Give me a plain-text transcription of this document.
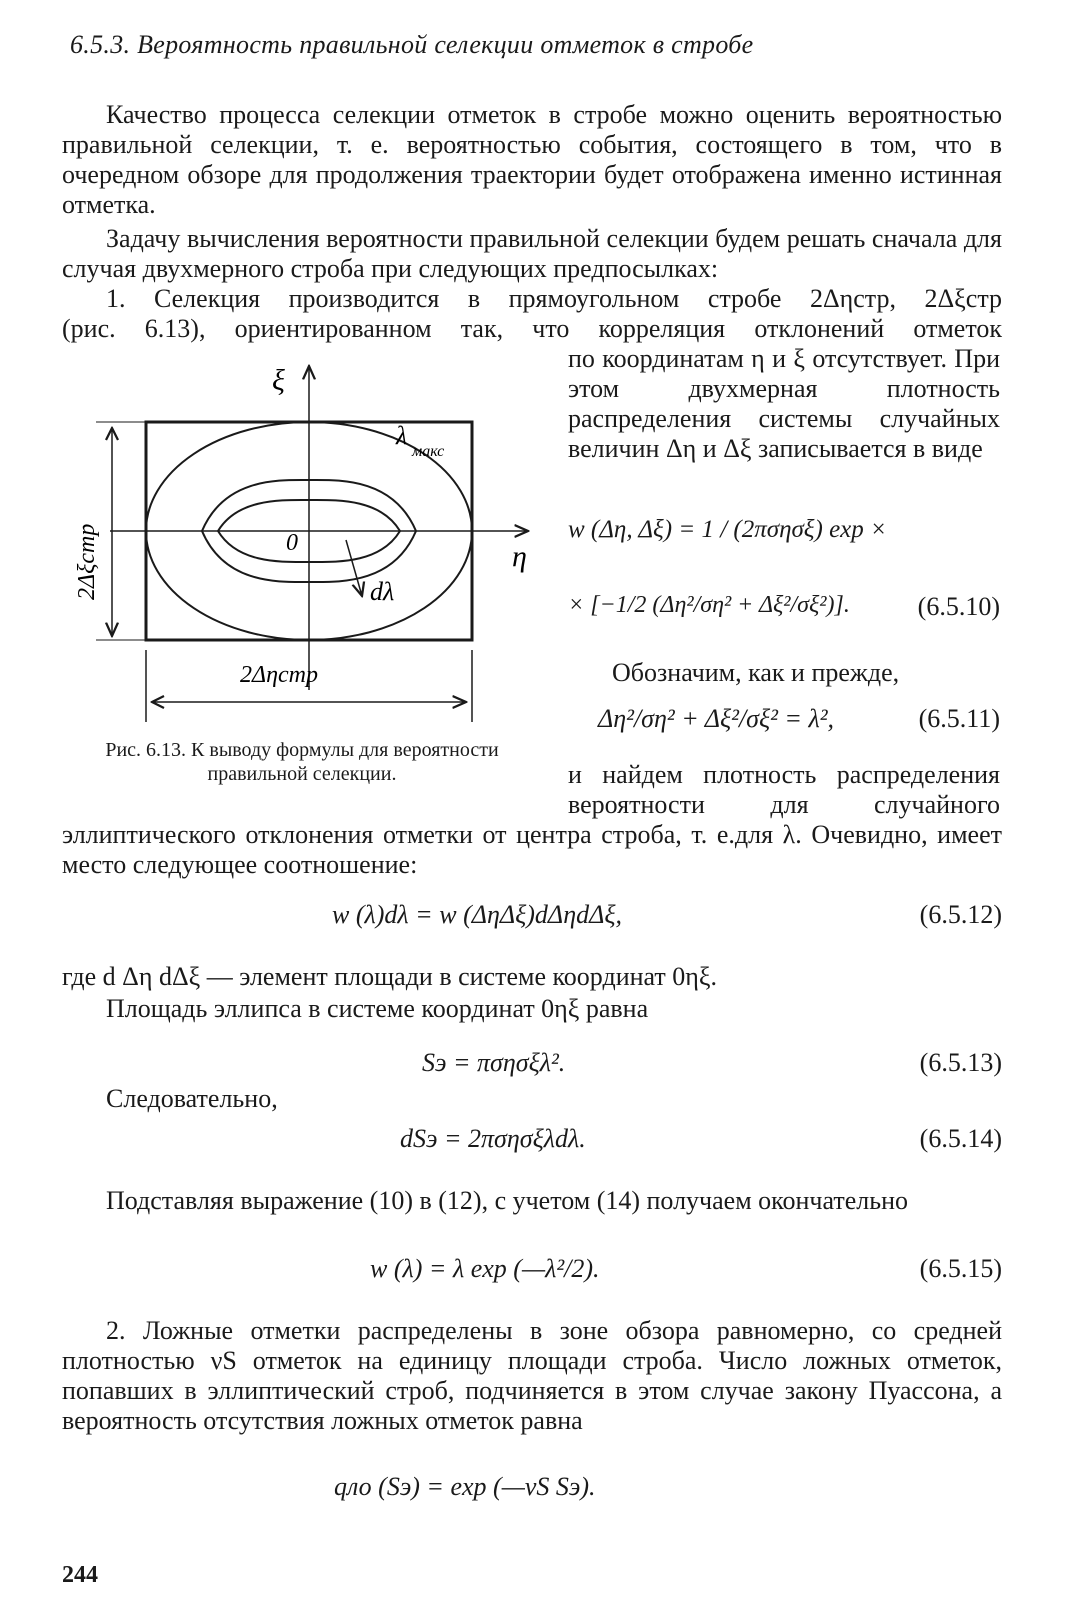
6.5.3. Вероятность правильной селекции отметок в стробе
Качество процесса селекции отметок в стробе можно оценить вероятностью правильной селекции, т. е. вероятностью события, состоящего в том, что в очередном обзоре для продолжения траектории будет отображена именно истинная отметка.
Задачу вычисления вероятности правильной селекции будем решать сначала для случая двухмерного строба при следующих предпосылках:
1. Селекция производится в прямоугольном стробе 2Δηстр, 2Δξстр
(рис. 6.13), ориентированном так, что корреляция отклонений отметок
по координатам η и ξ отсутствует. При этом двухмерная плотность распределения системы случайных величин Δη и Δξ записывается в виде
ξ
η
0
λ
макс
dλ
2Δξстр
2Δηстр
w (Δη, Δξ) = 1 / (2πσησξ) exp ×
× [−1/2 (Δη²/ση² + Δξ²/σξ²)].	(6.5.10)
Обозначим, как и прежде,
Δη²/ση² + Δξ²/σξ² = λ²,	(6.5.11)
Рис. 6.13. К выводу формулы для вероятности правильной селекции.	и найдем плотность распределения вероятности для случайного
эллиптического отклонения отметки от центра строба, т. е.для λ. Очевидно, имеет место следующее соотношение:
w (λ)dλ = w (ΔηΔξ)dΔηdΔξ,	(6.5.12)
где d Δη dΔξ — элемент площади в системе координат 0ηξ.
Площадь эллипса в системе координат 0ηξ равна
Sэ = πσησξλ².	(6.5.13)
Следовательно,
dSэ = 2πσησξλdλ.	(6.5.14)
Подставляя выражение (10) в (12), с учетом (14) получаем окончательно
w (λ) = λ exp (—λ²/2).	(6.5.15)
2. Ложные отметки распределены в зоне обзора равномерно, со средней плотностью νS отметок на единицу площади строба. Число ложных отметок, попавших в эллиптический строб, подчиняется в этом случае закону Пуассона, а вероятность отсутствия ложных отметок равна
qло (Sэ) = exp (—νS Sэ).
244
